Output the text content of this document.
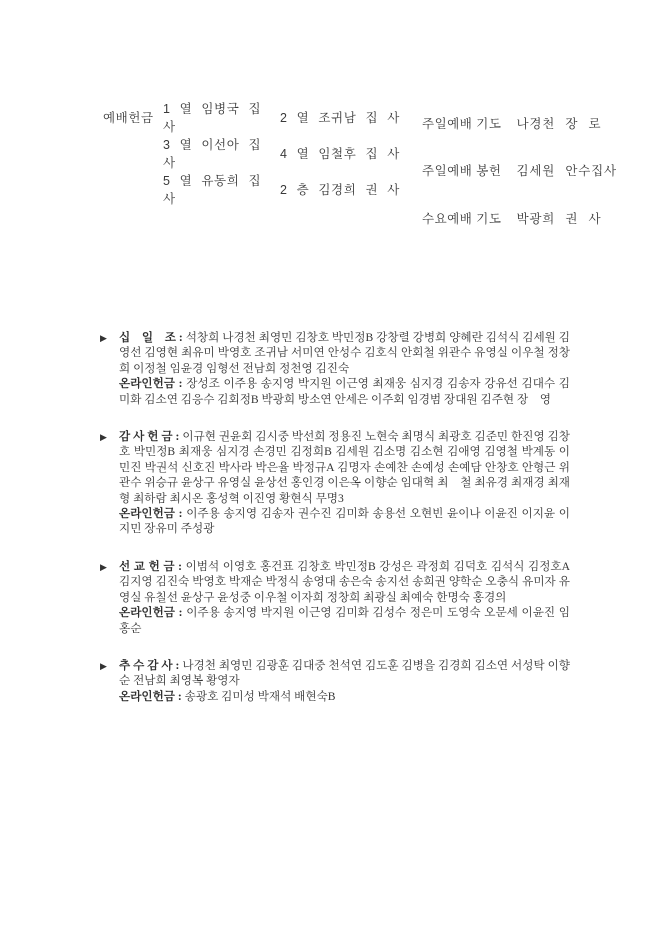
예배헌금
1 열 임병국 집 사
2 열 조귀남 집 사
3 열 이선아 집 사
4 열 임철후 집 사
5 열 유동희 집 사
2 층 김경희 권 사
주일예배 기도 나경천 장 로
주일예배 봉헌 김세원 안수집사
수요예배 기도 박광희 권 사
▶ 십　일　조 : 석창희 나경천 최영민 김창호 박민정B 강창렬 강병희 양혜란 김석식 김세원 김영선 김영현 최유미 박영호 조귀남 서미연 안성수 김호식 안회철 위관수 유영실 이우철 정창희 이정철 임윤경 임형선 전남희 정천영 김진숙

온라인헌금 : 장성조 이주용 송지영 박지원 이근영 최재웅 심지경 김송자 강유선 김대수 김미화 김소연 김응수 김회정B 박광희 방소연 안세은 이주회 임경범 장대원 김주현 장　영

▶ 감 사 헌 금 : 이규현 권윤회 김시중 박선희 정용진 노현숙 최명식 최광호 김준민 한진영 김창호 박민정B 최재웅 심지경 손경민 김정희B 김세원 김소명 김소현 김애영 김영철 박계동 이민진 박권석 신호진 박사라 박은율 박정규A 김명자 손예찬 손예성 손예담 안창호 안형근 위관수 위승규 윤상구 유영실 윤상선 홍인경 이은옥 이향순 임대혁 최　철 최유경 최재경 최재형 최하람 최시온 홍성혁 이진영 황현식 무명3

온라인헌금 : 이주용 송지영 김송자 권수진 김미화 송용선 오현빈 윤이나 이윤진 이지윤 이지민 장유미 주성광

▶ 선 교 헌 금 : 이범석 이영호 홍건표 김창호 박민정B 강성은 곽정희 김덕호 김석식 김정호A 김지영 김진숙 박영호 박재순 박정식 송영대 송은숙 송지선 송희권 양학순 오충식 유미자 유영실 유칠선 윤상구 윤성중 이우철 이자희 정창희 최광실 최예숙 한명숙 홍경의

온라인헌금 : 이주용 송지영 박지원 이근영 김미화 김성수 정은미 도영숙 오문세 이윤진 임홍순

▶ 추 수 감 사 : 나경천 최영민 김광훈 김대중 천석연 김도훈 김병을 김경희 김소연 서성탁 이향순 전남희 최영복 황영자

온라인헌금 : 송광호 김미성 박재석 배현숙B
